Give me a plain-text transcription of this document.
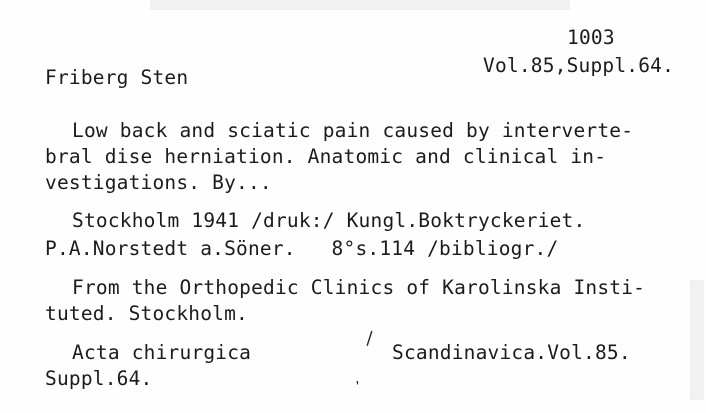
1003

Vol.85,Suppl.64.

Friberg Sten

Low back and sciatic pain caused by interverte-

bral dise herniation. Anatomic and clinical in-

vestigations. By...

Stockholm 1941 /druk:/ Kungl.Boktryckeriet.

P.A.Norstedt a.Söner.   8°s.114 /bibliogr./

From the Orthopedic Clinics of Karolinska Insti-

tuted. Stockholm.

Acta chirurgica	Scandinavica.Vol.85.

Suppl.64.

\
,
